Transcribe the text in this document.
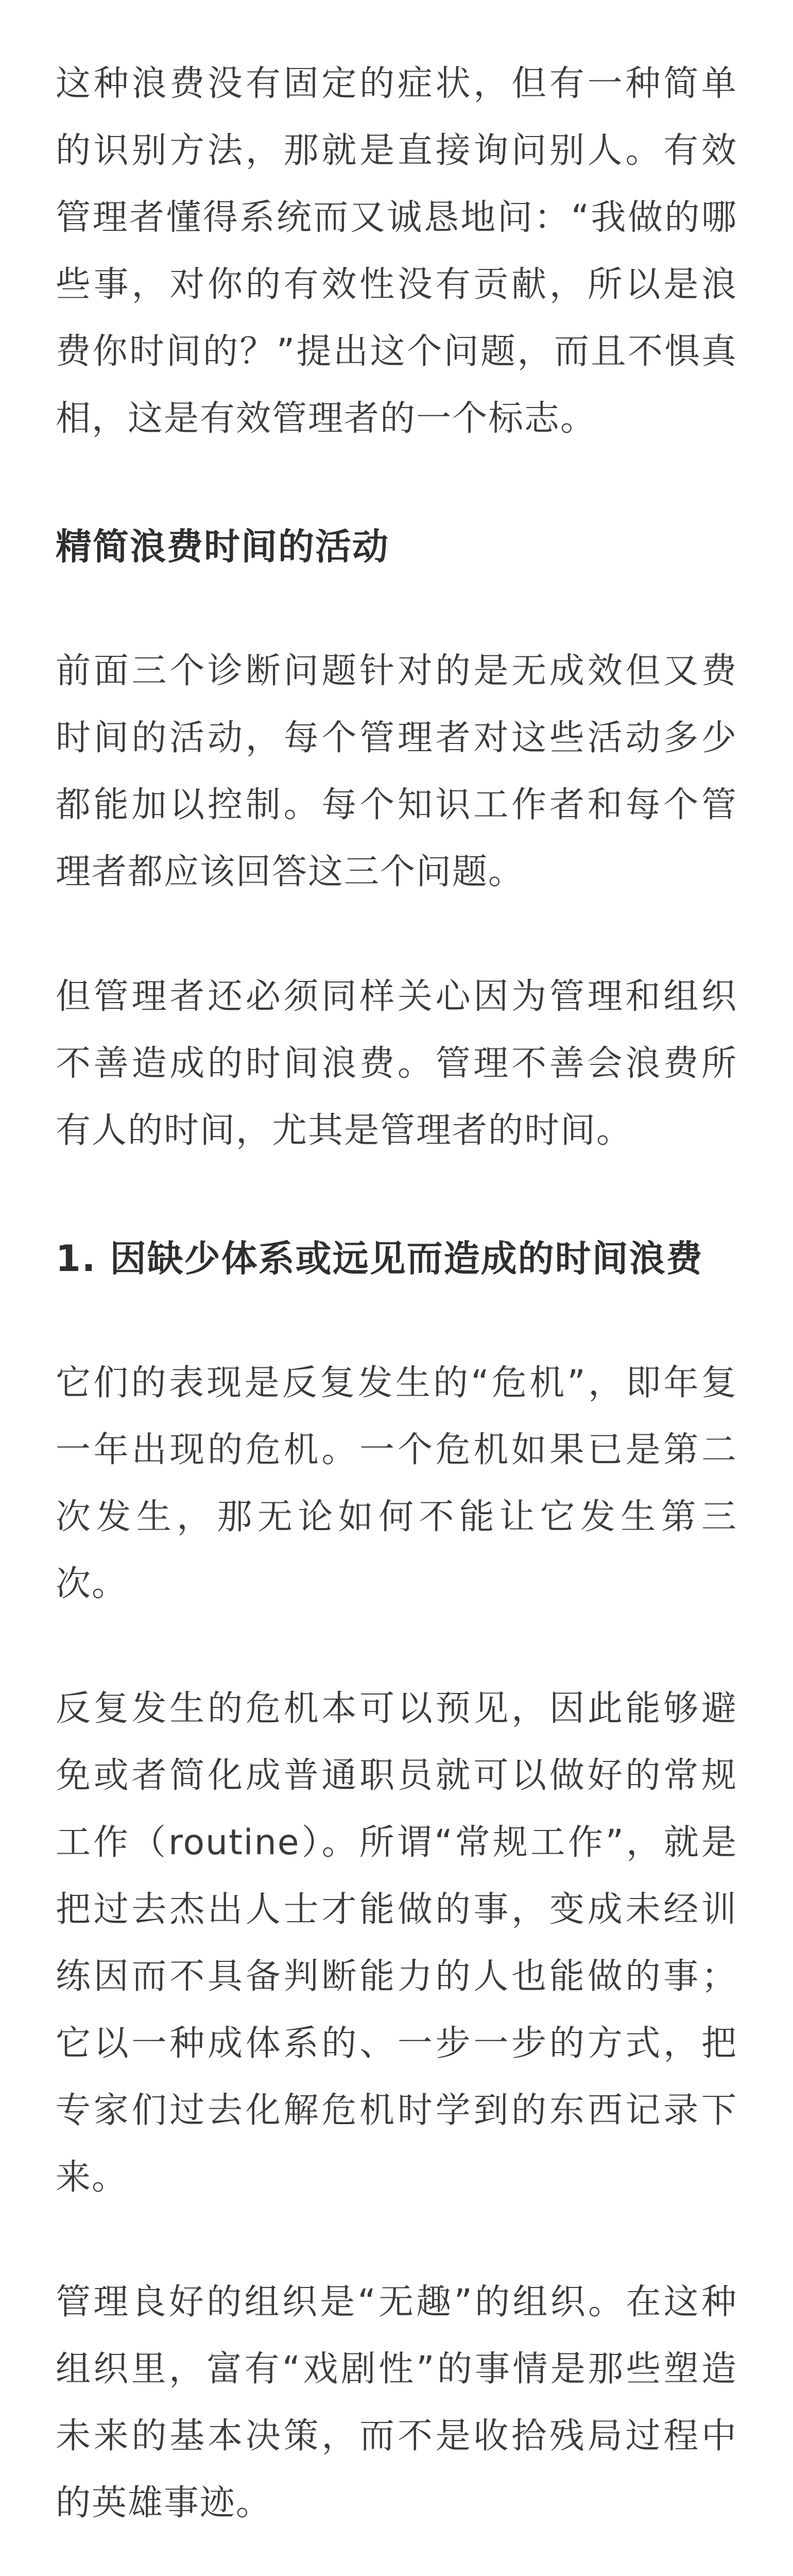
这种浪费没有固定的症状，但有一种简单的识别方法，那就是直接询问别人。有效管理者懂得系统而又诚恳地问：“我做的哪些事，对你的有效性没有贡献，所以是浪费你时间的？”提出这个问题，而且不惧真相，这是有效管理者的一个标志。

精简浪费时间的活动

前面三个诊断问题针对的是无成效但又费时间的活动，每个管理者对这些活动多少都能加以控制。每个知识工作者和每个管理者都应该回答这三个问题。

但管理者还必须同样关心因为管理和组织不善造成的时间浪费。管理不善会浪费所有人的时间，尤其是管理者的时间。

1. 因缺少体系或远见而造成的时间浪费

它们的表现是反复发生的“危机”，即年复一年出现的危机。一个危机如果已是第二次发生，那无论如何不能让它发生第三次。

反复发生的危机本可以预见，因此能够避免或者简化成普通职员就可以做好的常规工作（routine）。所谓“常规工作”，就是把过去杰出人士才能做的事，变成未经训练因而不具备判断能力的人也能做的事；它以一种成体系的、一步一步的方式，把专家们过去化解危机时学到的东西记录下来。

管理良好的组织是“无趣”的组织。在这种组织里，富有“戏剧性”的事情是那些塑造未来的基本决策，而不是收拾残局过程中的英雄事迹。
